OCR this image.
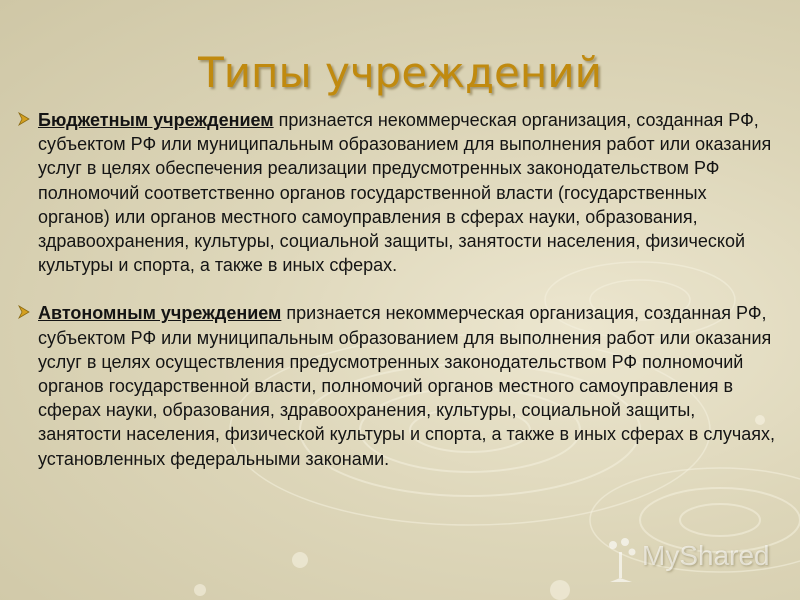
Типы учреждений
Бюджетным учреждением признается некоммерческая организация, созданная РФ, субъектом РФ или муниципальным образованием для выполнения работ или оказания услуг в целях обеспечения реализации предусмотренных законодательством РФ полномочий соответственно органов государственной власти (государственных органов) или органов местного самоуправления в сферах науки, образования, здравоохранения, культуры, социальной защиты, занятости населения, физической культуры и спорта, а также в иных сферах.
Автономным учреждением признается некоммерческая организация, созданная РФ, субъектом РФ или муниципальным образованием для выполнения работ или оказания услуг в целях осуществления предусмотренных законодательством РФ полномочий органов государственной власти, полномочий органов местного самоуправления в сферах науки, образования, здравоохранения, культуры, социальной защиты, занятости населения, физической культуры и спорта, а также в иных сферах в случаях, установленных федеральными законами.
MyShared
